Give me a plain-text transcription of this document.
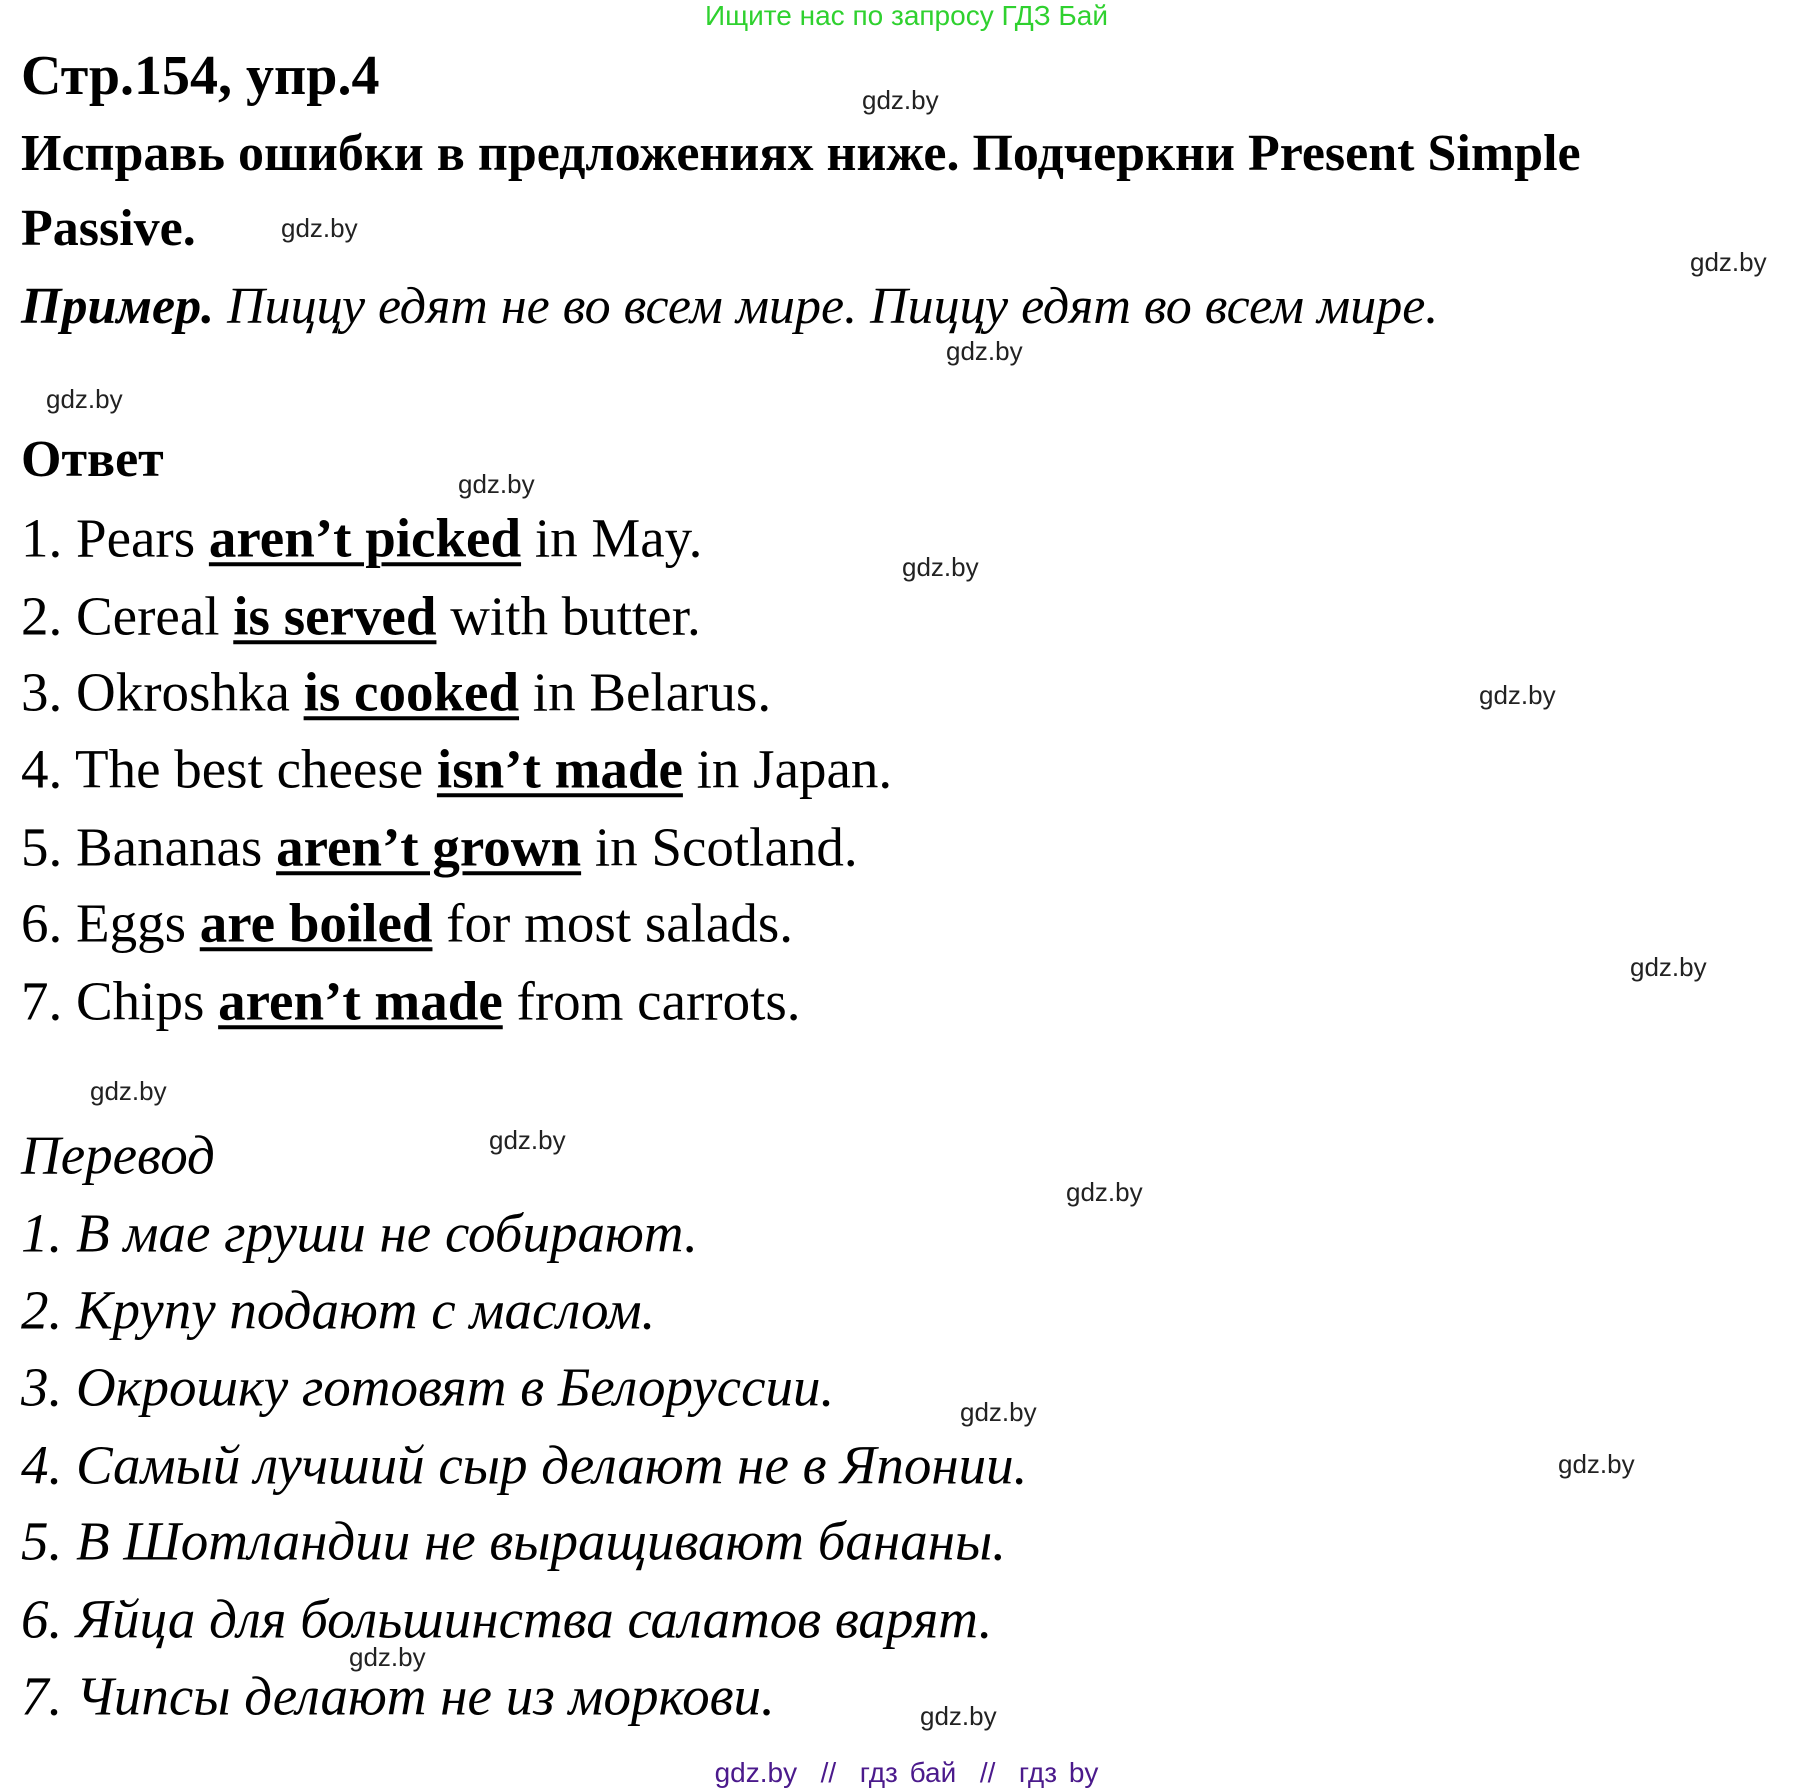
Ищите нас по запросу ГДЗ Бай
Стр.154, упр.4
Исправь ошибки в предложениях ниже. Подчеркни Present Simple
Passive.
Пример. Пиццу едят не во всем мире. Пиццу едят во всем мире.
Ответ
1. Pears aren’t picked in May.
2. Cereal is served with butter.
3. Okroshka is cooked in Belarus.
4. The best cheese isn’t made in Japan.
5. Bananas aren’t grown in Scotland.
6. Eggs are boiled for most salads.
7. Chips aren’t made from carrots.
Перевод
1. В мае груши не собирают.
2. Крупу подают с маслом.
3. Окрошку готовят в Белоруссии.
4. Самый лучший сыр делают не в Японии.
5. В Шотландии не выращивают бананы.
6. Яйца для большинства салатов варят.
7. Чипсы делают не из моркови.
gdz.by
gdz.by
gdz.by
gdz.by
gdz.by
gdz.by
gdz.by
gdz.by
gdz.by
gdz.by
gdz.by
gdz.by
gdz.by
gdz.by
gdz.by
gdz.by
gdz.by  //  гдз бай  //  гдз by
